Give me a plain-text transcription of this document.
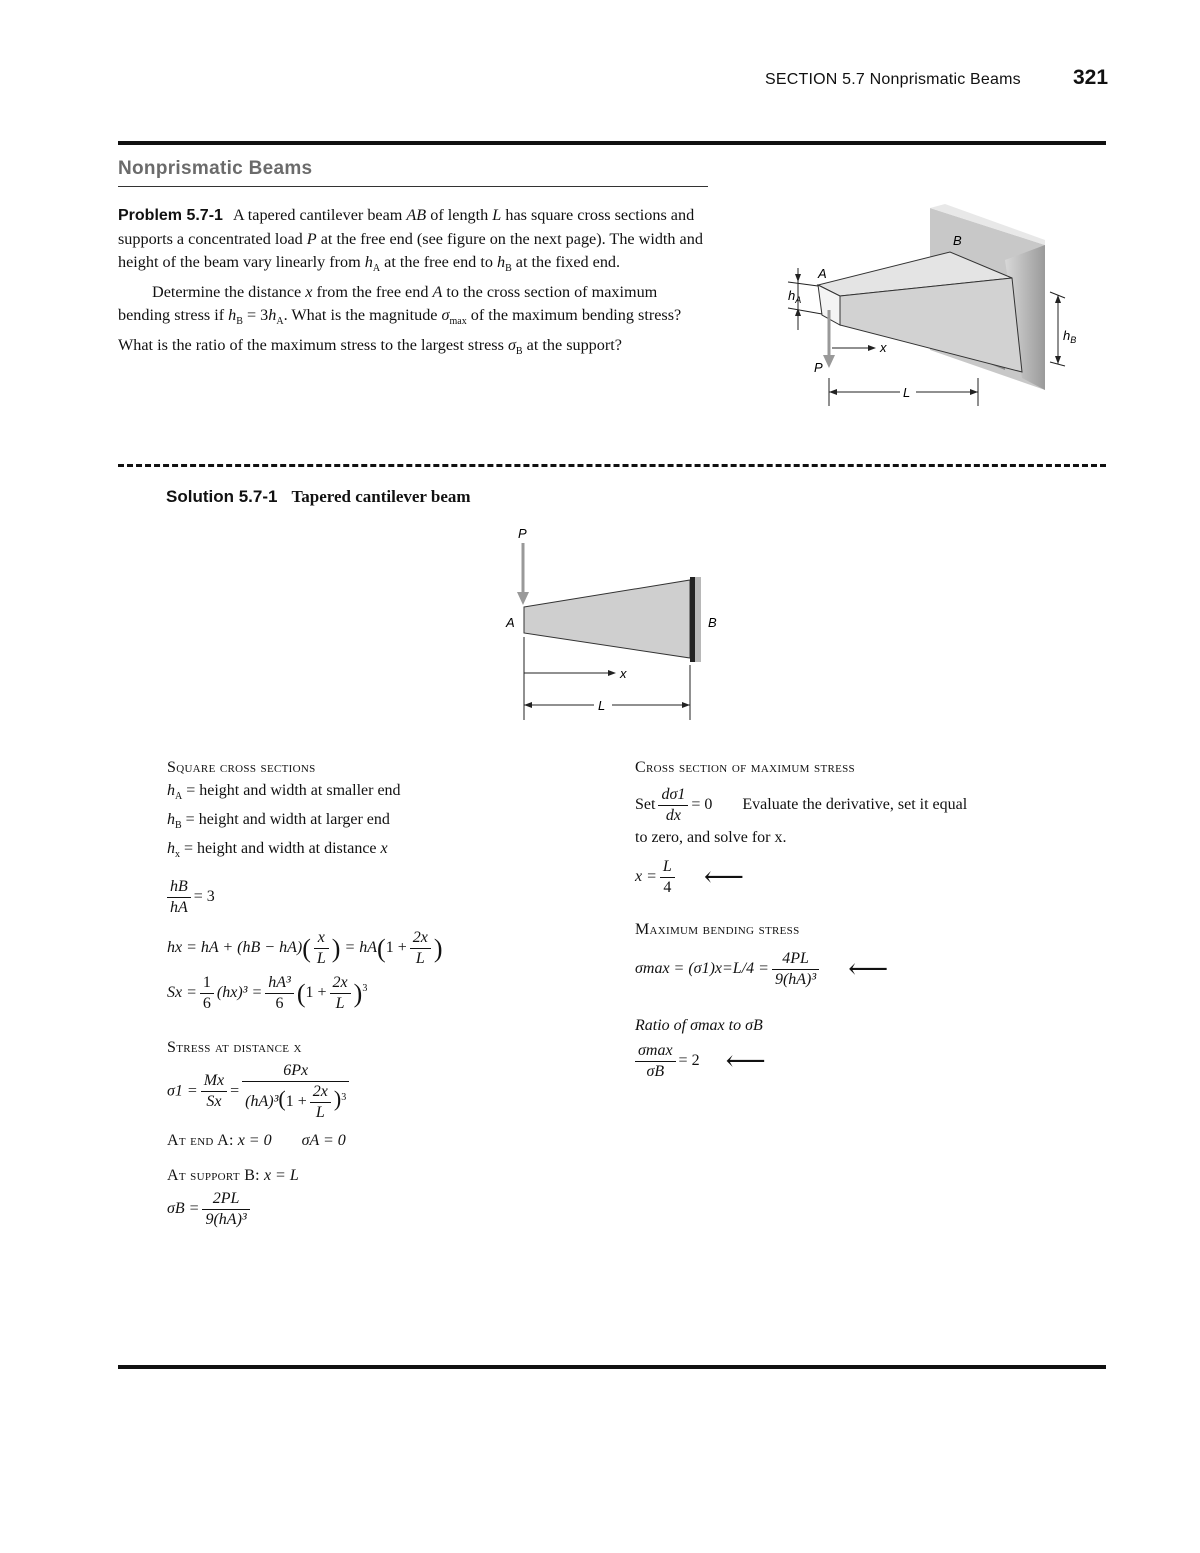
SECTION 5.7 Nonprismatic Beams 321
Nonprismatic Beams

Problem 5.7-1 A tapered cantilever beam AB of length L has square cross sections and supports a concentrated load P at the free end (see figure on the next page). The width and height of the beam vary linearly from $h_A$ at the free end to $h_B$ at the fixed end.

Determine the distance x from the free end A to the cross section of maximum bending stress if $h_B = 3h_A$. What is the magnitude $\sigma_{max}$ of the maximum bending stress? What is the ratio of the maximum stress to the largest stress $\sigma_B$ at the support?

$h_A$
$h_B$
A
B
P
x
L
Solution 5.7-1 Tapered cantilever beam
P
A	B
x
L
Square cross sections
$h_A$ = height and width at smaller end
$h_B$ = height and width at larger end
$h_x$ = height and width at distance x
$\frac{hB}{hA} = 3$
hx = hA + $(hB - hA)( \frac{x}{L}$ ) = $hA(1 + \frac{2x}{L}$ )
$Sx = \frac{1}{6} (hx)^3 = \frac{\text{hA³}}{6} (1 + \frac{2x}{L} )^3$
Stress at distance x
$\sigma 1 = \frac{Mx}{Sx} = \frac{6Px}{(hA)^3(1 + \frac{2x}{L} )^3}$
At end A: x = 0 σA = 0
At support B: x = L
$\sigma B = \frac{2PL}{\text{9(hA)³}}$
Cross section of maximum stress
Set $\frac{d\sigma 1}{dx} = 0$ Evaluate the derivative, set it equal
to zero, and solve for x.
$x = \frac{L}{4}$ ⟵
Maximum bending stress
$\sigma\max = (\sigma 1)x=L/4 = \frac{4PL}{\text{9(hA)³}}$ ⟵
Ratio of σmax to σB
$\frac{\sigma\max}{\sigma B} = 2$ ⟵
